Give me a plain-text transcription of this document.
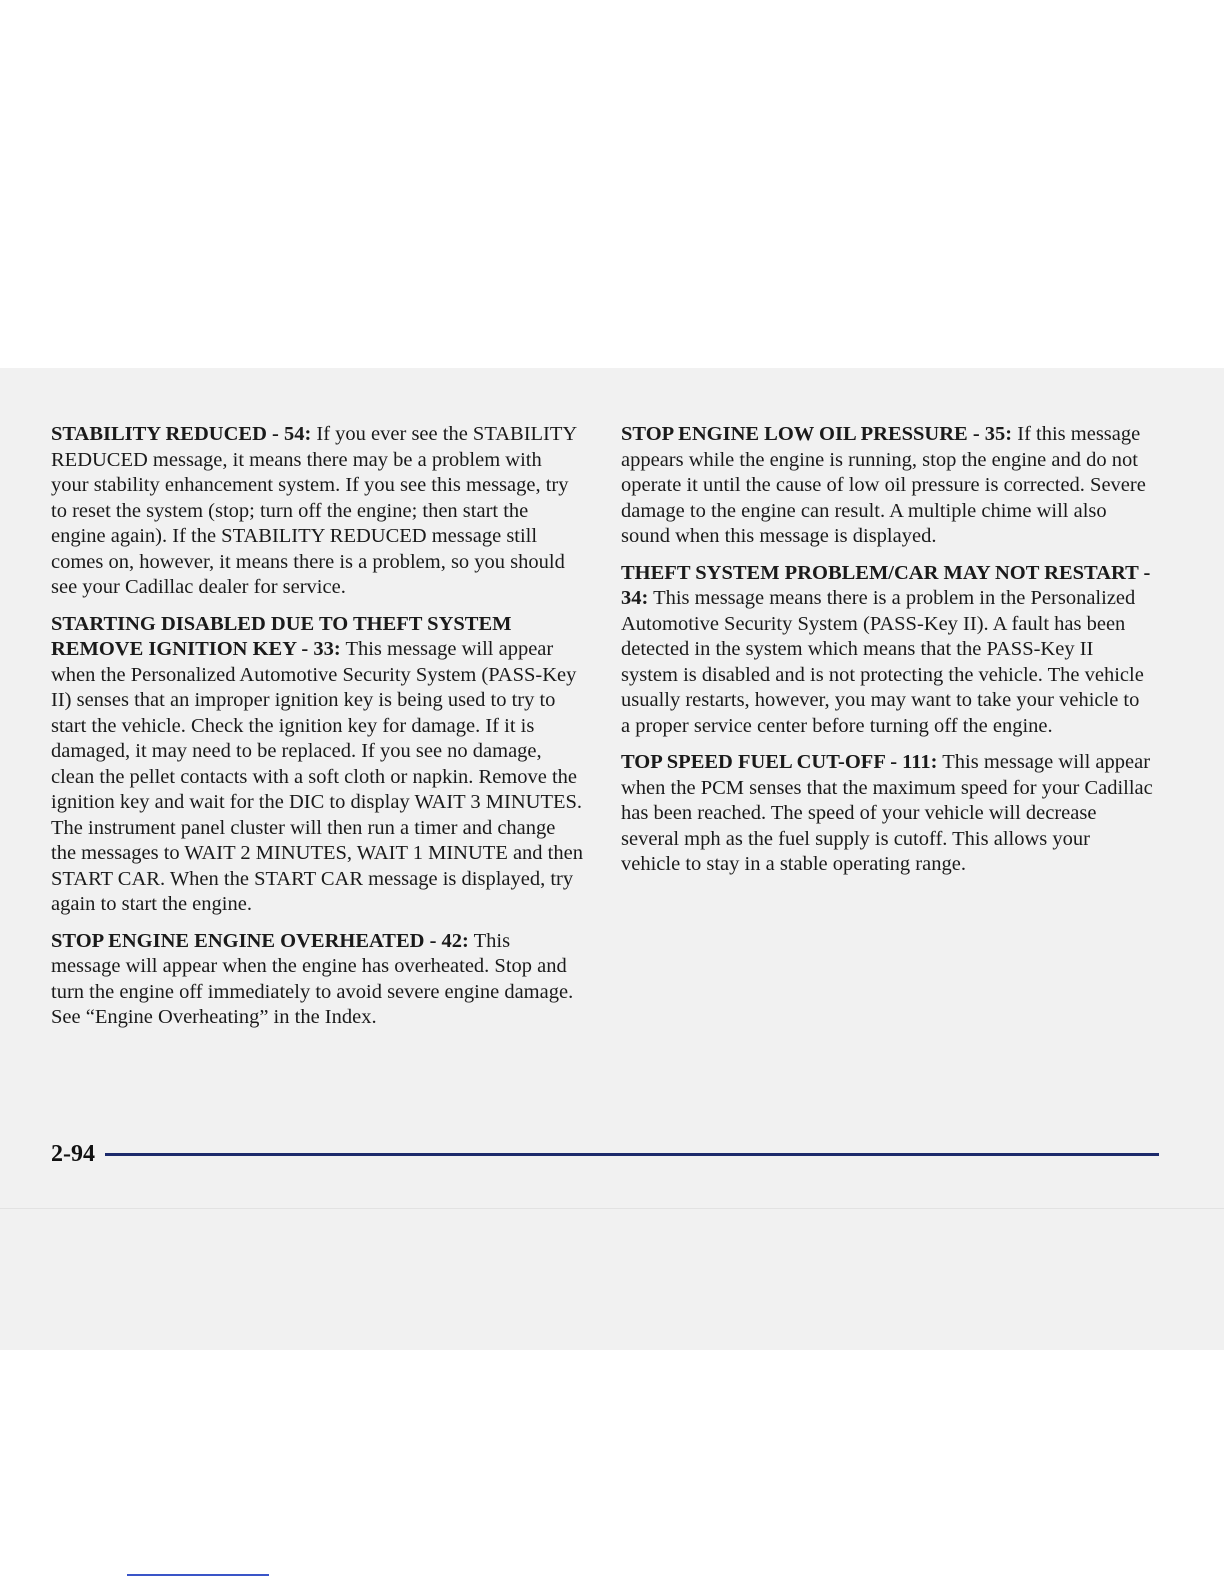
STABILITY REDUCED - 54: If you ever see the STABILITY REDUCED message, it means there may be a problem with your stability enhancement system. If you see this message, try to reset the system (stop; turn off the engine; then start the engine again). If the STABILITY REDUCED message still comes on, however, it means there is a problem, so you should see your Cadillac dealer for service.

STARTING DISABLED DUE TO THEFT SYSTEM REMOVE IGNITION KEY - 33: This message will appear when the Personalized Automotive Security System (PASS-Key II) senses that an improper ignition key is being used to try to start the vehicle. Check the ignition key for damage. If it is damaged, it may need to be replaced. If you see no damage, clean the pellet contacts with a soft cloth or napkin. Remove the ignition key and wait for the DIC to display WAIT 3 MINUTES. The instrument panel cluster will then run a timer and change the messages to WAIT 2 MINUTES, WAIT 1 MINUTE and then START CAR. When the START CAR message is displayed, try again to start the engine.

STOP ENGINE ENGINE OVERHEATED - 42: This message will appear when the engine has overheated. Stop and turn the engine off immediately to avoid severe engine damage. See “Engine Overheating” in the Index.

STOP ENGINE LOW OIL PRESSURE - 35: If this message appears while the engine is running, stop the engine and do not operate it until the cause of low oil pressure is corrected. Severe damage to the engine can result. A multiple chime will also sound when this message is displayed.

THEFT SYSTEM PROBLEM/CAR MAY NOT RESTART - 34: This message means there is a problem in the Personalized Automotive Security System (PASS-Key II). A fault has been detected in the system which means that the PASS-Key II system is disabled and is not protecting the vehicle. The vehicle usually restarts, however, you may want to take your vehicle to a proper service center before turning off the engine.

TOP SPEED FUEL CUT-OFF - 111: This message will appear when the PCM senses that the maximum speed for your Cadillac has been reached. The speed of your vehicle will decrease several mph as the fuel supply is cutoff. This allows your vehicle to stay in a stable operating range.

2-94
